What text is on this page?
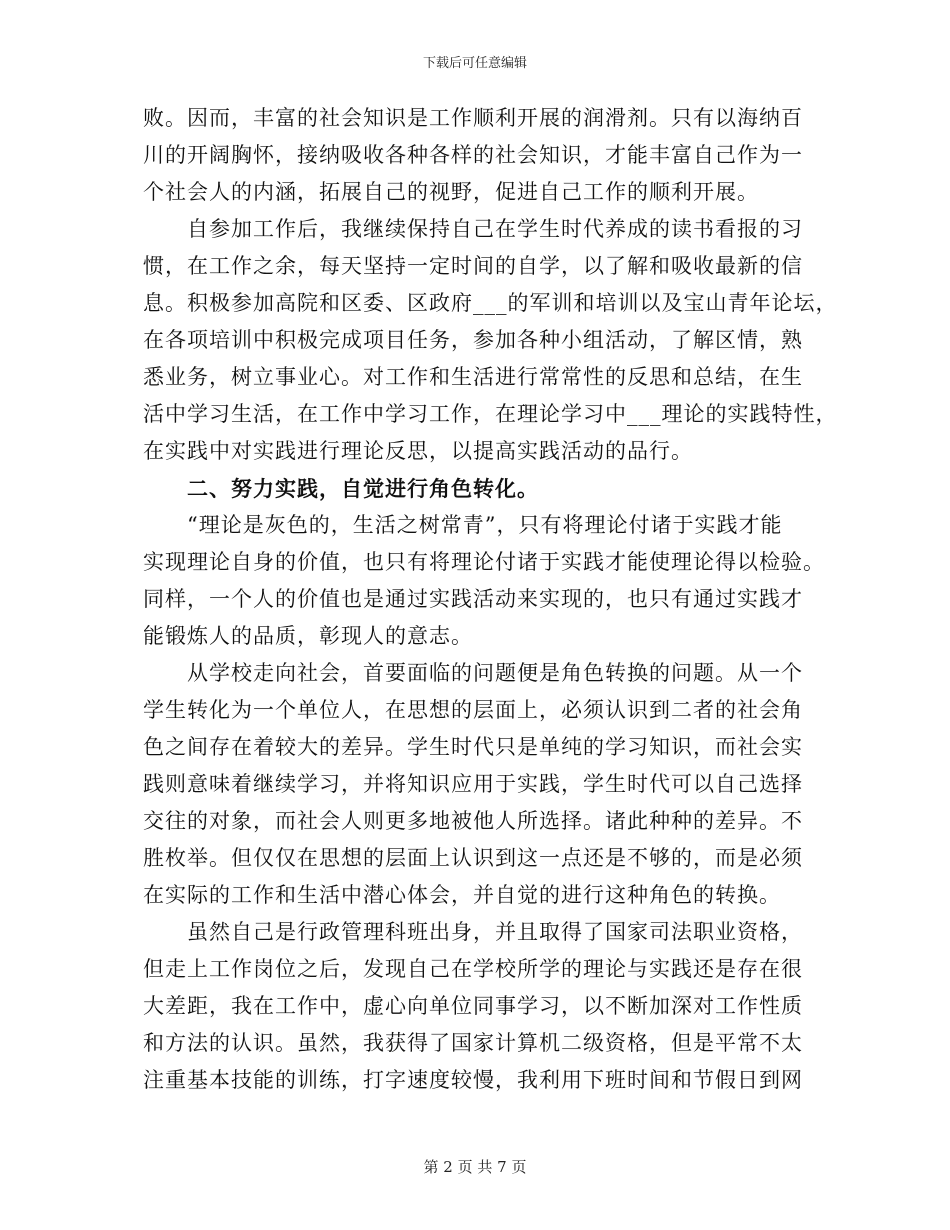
下载后可任意编辑
败。因而，丰富的社会知识是工作顺利开展的润滑剂。只有以海纳百
川的开阔胸怀，接纳吸收各种各样的社会知识，才能丰富自己作为一
个社会人的内涵，拓展自己的视野，促进自己工作的顺利开展。
自参加工作后，我继续保持自己在学生时代养成的读书看报的习
惯，在工作之余，每天坚持一定时间的自学，以了解和吸收最新的信
息。积极参加高院和区委、区政府___的军训和培训以及宝山青年论坛，
在各项培训中积极完成项目任务，参加各种小组活动，了解区情，熟
悉业务，树立事业心。对工作和生活进行常常性的反思和总结，在生
活中学习生活，在工作中学习工作，在理论学习中___理论的实践特性，
在实践中对实践进行理论反思，以提高实践活动的品行。
二、努力实践，自觉进行角色转化。
“理论是灰色的，生活之树常青”，只有将理论付诸于实践才能
实现理论自身的价值，也只有将理论付诸于实践才能使理论得以检验。
同样，一个人的价值也是通过实践活动来实现的，也只有通过实践才
能锻炼人的品质，彰现人的意志。
从学校走向社会，首要面临的问题便是角色转换的问题。从一个
学生转化为一个单位人，在思想的层面上，必须认识到二者的社会角
色之间存在着较大的差异。学生时代只是单纯的学习知识，而社会实
践则意味着继续学习，并将知识应用于实践，学生时代可以自己选择
交往的对象，而社会人则更多地被他人所选择。诸此种种的差异。不
胜枚举。但仅仅在思想的层面上认识到这一点还是不够的，而是必须
在实际的工作和生活中潜心体会，并自觉的进行这种角色的转换。
虽然自己是行政管理科班出身，并且取得了国家司法职业资格，
但走上工作岗位之后，发现自己在学校所学的理论与实践还是存在很
大差距，我在工作中，虚心向单位同事学习，以不断加深对工作性质
和方法的认识。虽然，我获得了国家计算机二级资格，但是平常不太
注重基本技能的训练，打字速度较慢，我利用下班时间和节假日到网
第 2 页 共 7 页
